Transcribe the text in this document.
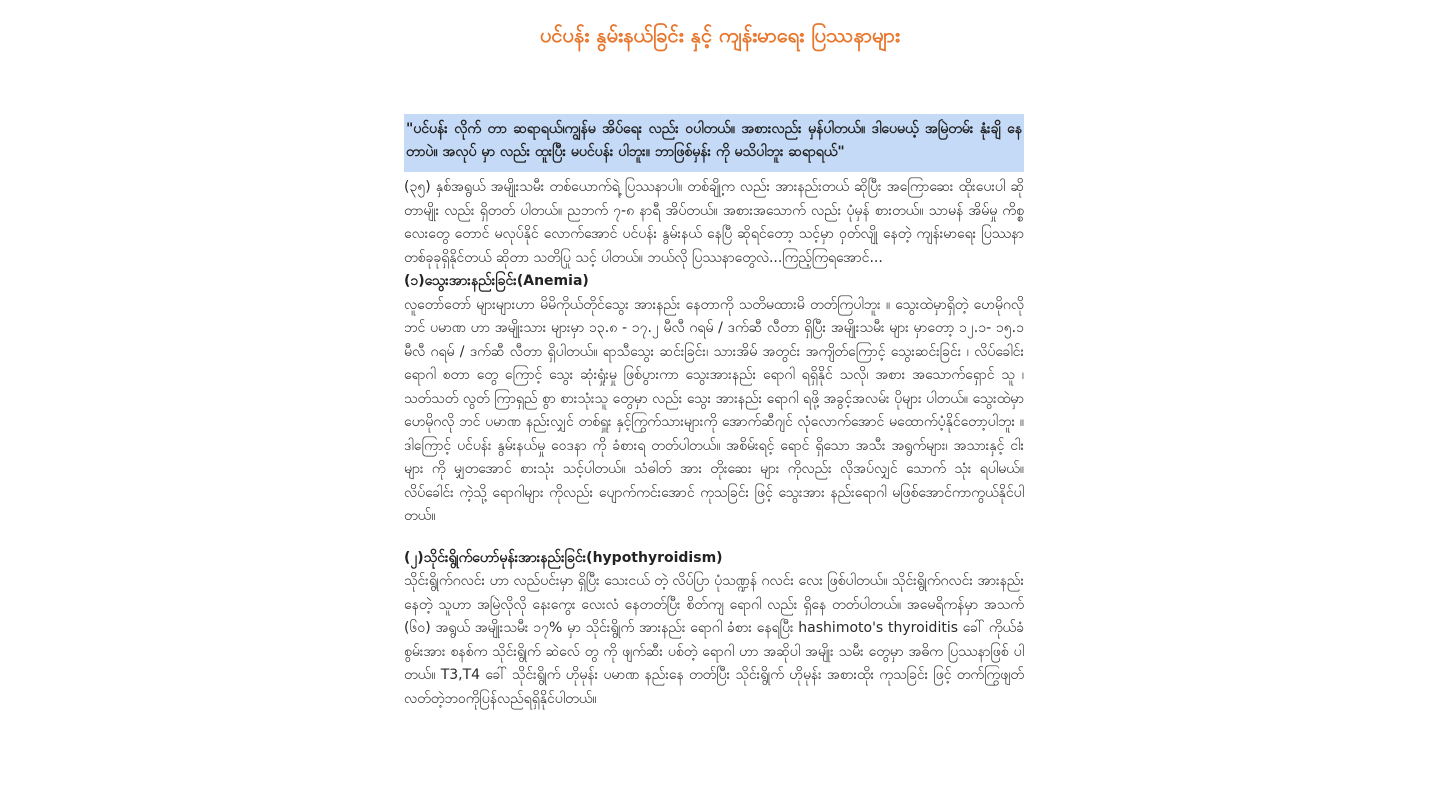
ပင်ပန်း နွမ်းနယ်ခြင်း နှင့် ကျန်းမာရေး ပြဿနာများ
"ပင်ပန်း လိုက် တာ ဆရာရယ်၊ကျွန်မ အိပ်ရေး လည်း ဝပါတယ်။ အစားလည်း မှန်ပါတယ်။ ဒါပေမယ့် အမြဲတမ်း နုံးချိ နေတာပဲ။ အလုပ် မှာ လည်း ထူးပြီး မပင်ပန်း ပါဘူး။ ဘာဖြစ်မှန်း ကို မသိပါဘူး ဆရာရယ်"

(၃၅) နှစ်အရွယ် အမျိုးသမီး တစ်ယောက်ရဲ့ ပြဿနာပါ။ တစ်ချို့က လည်း အားနည်းတယ် ဆိုပြီး အကြောဆေး ထိုးပေးပါ ဆိုတာမျိုး လည်း ရှိတတ် ပါတယ်။ ညဘက် ၇-၈ နာရီ အိပ်တယ်။ အစားအသောက် လည်း ပုံမှန် စားတယ်။ သာမန် အိမ်မှု ကိစ္စလေးတွေ တောင် မလုပ်နိုင် လောက်အောင် ပင်ပန်း နွမ်းနယ် နေပြီ ဆိုရင်တော့ သင့်မှာ ဝှတ်လျို နေတဲ့ ကျန်းမာရေး ပြဿနာ တစ်ခုခုရှိနိုင်တယ် ဆိုတာ သတိပြု သင့် ပါတယ်။ ဘယ်လို ပြဿနာတွေလဲ...ကြည့်ကြရအောင်...

(၁)သွေးအားနည်းခြင်း(Anemia)

လူတော်တော် များများဟာ မိမိကိုယ်တိုင်သွေး အားနည်း နေတာကို သတိမထားမိ တတ်ကြပါဘူး ။ သွေးထဲမှာရှိတဲ့ ဟေမိုဂလိုဘင် ပမာဏ ဟာ အမျိုးသား များမှာ ၁၃.၈ - ၁၇.၂ မီလီ ဂရမ် / ဒက်ဆီ လီတာ ရှိပြီး အမျိုးသမီး များ မှာတော့ ၁၂.၁- ၁၅.၁ မီလီ ဂရမ် / ဒက်ဆီ လီတာ ရှိပါတယ်။ ရာသီသွေး ဆင်းခြင်း၊ သားအိမ် အတွင်း အကျိတ်ကြောင့် သွေးဆင်းခြင်း ၊ လိပ်ခေါင်း ရောဂါ စတာ တွေ ကြောင့် သွေး ဆုံးရှုံးမှု ဖြစ်ပွားကာ သွေးအားနည်း ရောဂါ ရရှိနိုင် သလို၊ အစား အသောက်ရှောင် သူ ၊ သတ်သတ် လွတ် ကြာရှည် စွာ စားသုံးသူ တွေမှာ လည်း သွေး အားနည်း ရောဂါ ရဖို့ အခွင့်အလမ်း ပိုများ ပါတယ်။ သွေးထဲမှာ ဟေမိုဂလို ဘင် ပမာဏ နည်းလျှင် တစ်ရှူး နှင့်ကြွက်သားများကို အောက်ဆီဂျင် လုံလောက်အောင် မထောက်ပံ့နိုင်တော့ပါဘူး ။ဒါကြောင့် ပင်ပန်း နွမ်းနယ်မှု ဝေဒနာ ကို ခံစားရ တတ်ပါတယ်။ အစိမ်းရင့် ရောင် ရှိသော အသီး အရွက်များ၊ အသားနှင့် ငါးများ ကို မျှတအောင် စားသုံး သင့်ပါတယ်။ သံဓါတ် အား တိုးဆေး များ ကိုလည်း လိုအပ်လျှင် သောက် သုံး ရပါမယ်။ လိပ်ခေါင်း ကဲ့သို့ ရောဂါများ ကိုလည်း ပျောက်ကင်းအောင် ကုသခြင်း ဖြင့် သွေးအား နည်းရောဂါ မဖြစ်အောင်ကာကွယ်နိုင်ပါတယ်။

(၂)သိုင်းရွိုက်ဟော်မုန်းအားနည်းခြင်း(hypothyroidism)

သိုင်းရွိုက်ဂလင်း ဟာ လည်ပင်းမှာ ရှိပြီး သေးငယ် တဲ့ လိပ်ပြာ ပုံသဏ္ဍန် ဂလင်း လေး ဖြစ်ပါတယ်။ သိုင်းရွိုက်ဂလင်း အားနည်း နေတဲ့ သူဟာ အမြဲလိုလို နေးကွေး လေးလံ နေတတ်ပြီး စိတ်ကျ ရောဂါ လည်း ရှိနေ တတ်ပါတယ်။ အမေရိကန်မှာ အသက် (၆၀) အရွယ် အမျိုးသမီး ၁၇% မှာ သိုင်းရွိုက် အားနည်း ရောဂါ ခံစား နေရပြီး hashimoto's thyroiditis ခေါ် ကိုယ်ခံ စွမ်းအား စနစ်က သိုင်းရွိုက် ဆဲလ်ေ တွ ကို ဖျက်ဆီး ပစ်တဲ့ ရောဂါ ဟာ အဆိုပါ အမျိုး သမီး တွေမှာ အဓိက ပြဿနာဖြစ် ပါတယ်။ T3,T4 ခေါ် သိုင်းရွိုက် ဟိုမုန်း ပမာဏ နည်းနေ တတ်ပြီး သိုင်းရွိုက် ဟိုမုန်း အစားထိုး ကုသခြင်း ဖြင့် တက်ကြွဖျတ် လတ်တဲ့ဘဝကိုပြန်လည်ရရှိနိုင်ပါတယ်။
